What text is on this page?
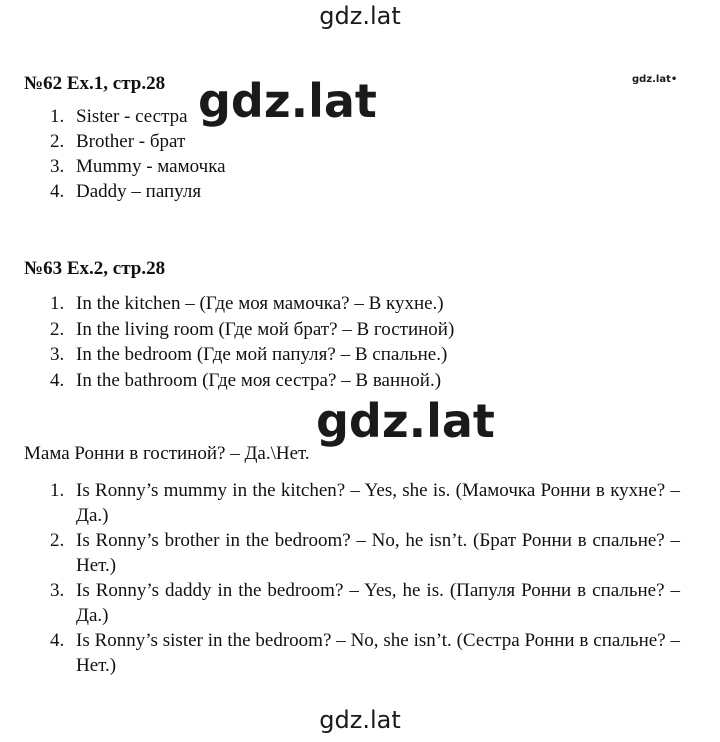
gdz.lat
gdz.lat•
№62 Ex.1, стр.28
1. Sister - сестра
2. Brother - брат
3. Mummy - мамочка
4. Daddy – папуля
gdz.lat
№63 Ex.2, стр.28
1. In the kitchen – (Где моя мамочка? – В кухне.)
2. In the living room (Где мой брат? – В гостиной)
3. In the bedroom (Где мой папуля? – В спальне.)
4. In the bathroom (Где моя сестра? – В ванной.)
gdz.lat
Мама Ронни в гостиной? – Да.\Нет.
1. Is Ronny’s mummy in the kitchen? – Yes, she is. (Мамочка Ронни в кухне? – Да.)
2. Is Ronny’s brother in the bedroom? – No, he isn’t. (Брат Ронни в спальне? – Нет.)
3. Is Ronny’s daddy in the bedroom? – Yes, he is. (Папуля Ронни в спальне? – Да.)
4. Is Ronny’s sister in the bedroom? – No, she isn’t. (Сестра Ронни в спальне? – Нет.)
gdz.lat
